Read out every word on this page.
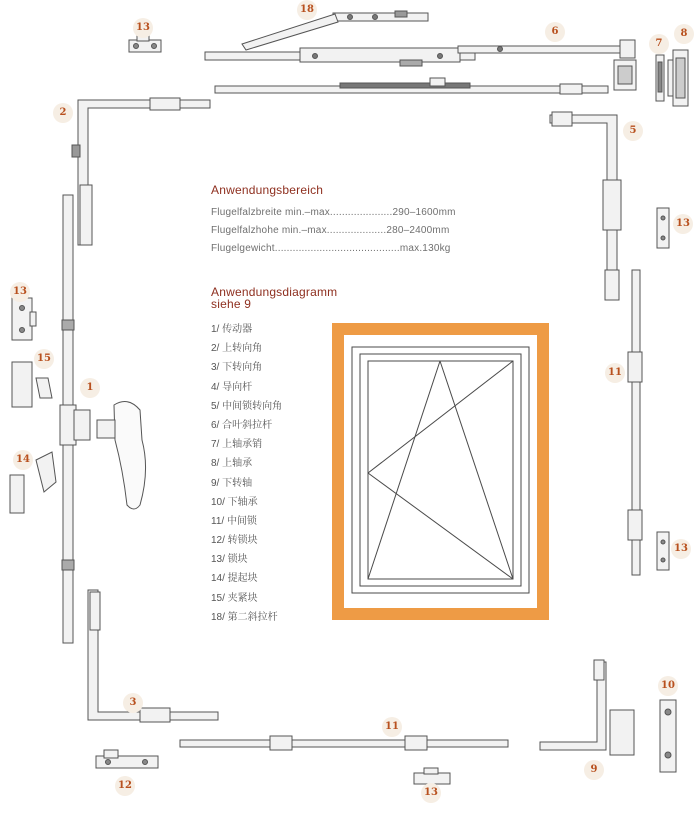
13
18
6
7
8
2
5
13
13
15
1
14
11
13
3
11
10
9
12
13
Anwendungsbereich
Flugelfalzbreite min.–max.....................290–1600mm
Flugelfalzhohe min.–max....................280–2400mm
Flugelgewicht..........................................max.130kg
Anwendungsdiagramm
siehe 9
1/ 传动器
2/ 上转向角
3/ 下转向角
4/ 导向杆
5/ 中间锁转向角
6/ 合叶斜拉杆
7/ 上轴承销
8/ 上轴承
9/ 下转轴
10/ 下轴承
11/ 中间锁
12/ 转锁块
13/ 锁块
14/ 提起块
15/ 夹紧块
18/ 第二斜拉杆
